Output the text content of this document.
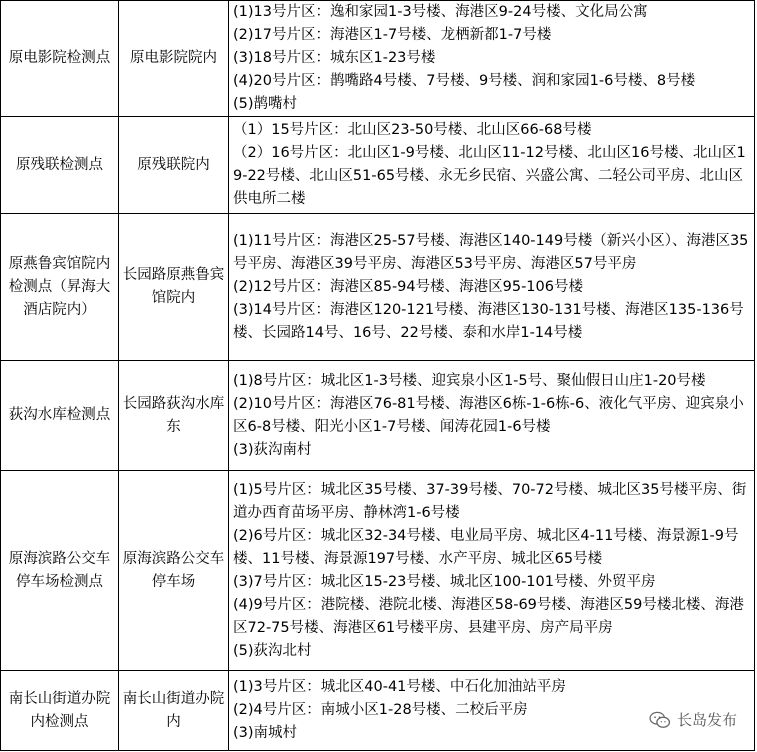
原电影院检测点	原电影院院内	(1)13号片区：逸和家园1-3号楼、海港区9-24号楼、文化局公寓
(2)17号片区：海港区1-7号楼、龙栖新都1-7号楼
(3)18号片区：城东区1-23号楼
(4)20号片区：鹊嘴路4号楼、7号楼、9号楼、润和家园1-6号楼、8号楼
(5)鹊嘴村

原残联检测点	原残联院内	（1）15号片区：北山区23-50号楼、北山区66-68号楼
（2）16号片区：北山区1-9号楼、北山区11-12号楼、北山区16号楼、北山区19-22号楼、北山区51-65号楼、永无乡民宿、兴盛公寓、二轻公司平房、北山区供电所二楼

原燕鲁宾馆院内检测点（昇海大酒店院内）	长园路原燕鲁宾馆院内	(1)11号片区：海港区25-57号楼、海港区140-149号楼（新兴小区）、海港区35号平房、海港区39号平房、海港区53号平房、海港区57号平房
(2)12号片区：海港区85-94号楼、海港区95-106号楼
(3)14号片区：海港区120-121号楼、海港区130-131号楼、海港区135-136号楼、长园路14号、16号、22号楼、泰和水岸1-14号楼

荻沟水库检测点	长园路荻沟水库东	(1)8号片区：城北区1-3号楼、迎宾泉小区1-5号、聚仙假日山庄1-20号楼
(2)10号片区：海港区76-81号楼、海港区6栋-1-6栋-6、液化气平房、迎宾泉小区6-8号楼、阳光小区1-7号楼、闻涛花园1-6号楼
(3)荻沟南村

原海滨路公交车停车场检测点	原海滨路公交车停车场	(1)5号片区：城北区35号楼、37-39号楼、70-72号楼、城北区35号楼平房、街道办西育苗场平房、静林湾1-6号楼
(2)6号片区：城北区32-34号楼、电业局平房、城北区4-11号楼、海景源1-9号楼、11号楼、海景源197号楼、水产平房、城北区65号楼
(3)7号片区：城北区15-23号楼、城北区100-101号楼、外贸平房
(4)9号片区：港院楼、港院北楼、海港区58-69号楼、海港区59号楼北楼、海港区72-75号楼、海港区61号楼平房、县建平房、房产局平房
(5)荻沟北村

南长山街道办院内检测点	南长山街道办院内	(1)3号片区：城北区40-41号楼、中石化加油站平房
(2)4号片区：南城小区1-28号楼、二校后平房
(3)南城村
长岛发布
